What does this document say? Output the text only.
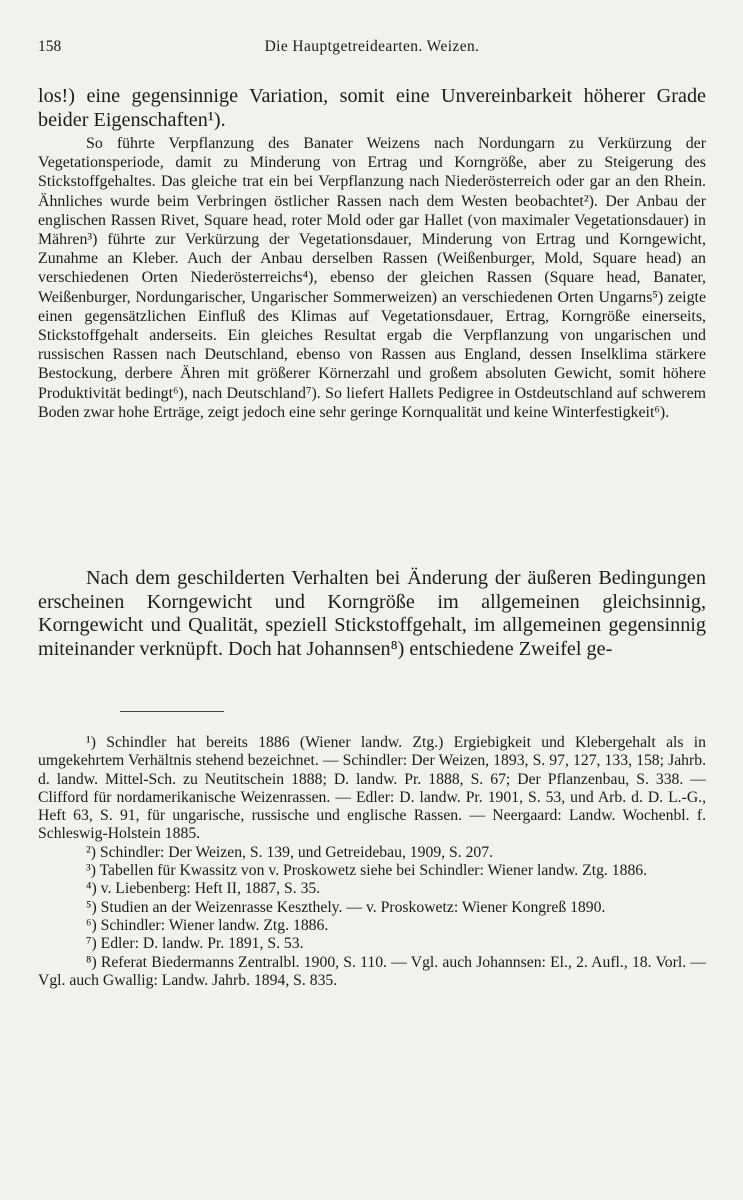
158	Die Hauptgetreidearten. Weizen.

los!) eine gegensinnige Variation, somit eine Unvereinbarkeit höherer Grade beider Eigenschaften¹).

So führte Verpflanzung des Banater Weizens nach Nordungarn zu Verkürzung der Vegetationsperiode, damit zu Minderung von Ertrag und Korngröße, aber zu Steigerung des Stickstoffgehaltes. Das gleiche trat ein bei Verpflanzung nach Niederösterreich oder gar an den Rhein. Ähnliches wurde beim Verbringen östlicher Rassen nach dem Westen beobachtet²). Der Anbau der englischen Rassen Rivet, Square head, roter Mold oder gar Hallet (von maximaler Vegetationsdauer) in Mähren³) führte zur Verkürzung der Vegetationsdauer, Minderung von Ertrag und Korngewicht, Zunahme an Kleber. Auch der Anbau derselben Rassen (Weißenburger, Mold, Square head) an verschiedenen Orten Niederösterreichs⁴), ebenso der gleichen Rassen (Square head, Banater, Weißenburger, Nordungarischer, Ungarischer Sommerweizen) an verschiedenen Orten Ungarns⁵) zeigte einen gegensätzlichen Einfluß des Klimas auf Vegetationsdauer, Ertrag, Korngröße einerseits, Stickstoffgehalt anderseits. Ein gleiches Resultat ergab die Verpflanzung von ungarischen und russischen Rassen nach Deutschland, ebenso von Rassen aus England, dessen Inselklima stärkere Bestockung, derbere Ähren mit größerer Körnerzahl und großem absoluten Gewicht, somit höhere Produktivität bedingt⁶), nach Deutschland⁷). So liefert Hallets Pedigree in Ostdeutschland auf schwerem Boden zwar hohe Erträge, zeigt jedoch eine sehr geringe Kornqualität und keine Winterfestigkeit⁶).

Nach dem geschilderten Verhalten bei Änderung der äußeren Bedingungen erscheinen Korngewicht und Korngröße im allgemeinen gleichsinnig, Korngewicht und Qualität, speziell Stickstoffgehalt, im allgemeinen gegensinnig miteinander verknüpft. Doch hat Johannsen⁸) entschiedene Zweifel ge-

¹) Schindler hat bereits 1886 (Wiener landw. Ztg.) Ergiebigkeit und Klebergehalt als in umgekehrtem Verhältnis stehend bezeichnet. — Schindler: Der Weizen, 1893, S. 97, 127, 133, 158; Jahrb. d. landw. Mittel-Sch. zu Neutitschein 1888; D. landw. Pr. 1888, S. 67; Der Pflanzenbau, S. 338. — Clifford für nordamerikanische Weizenrassen. — Edler: D. landw. Pr. 1901, S. 53, und Arb. d. D. L.-G., Heft 63, S. 91, für ungarische, russische und englische Rassen. — Neergaard: Landw. Wochenbl. f. Schleswig-Holstein 1885.
²) Schindler: Der Weizen, S. 139, und Getreidebau, 1909, S. 207.
³) Tabellen für Kwassitz von v. Proskowetz siehe bei Schindler: Wiener landw. Ztg. 1886.
⁴) v. Liebenberg: Heft II, 1887, S. 35.
⁵) Studien an der Weizenrasse Keszthely. — v. Proskowetz: Wiener Kongreß 1890.
⁶) Schindler: Wiener landw. Ztg. 1886.
⁷) Edler: D. landw. Pr. 1891, S. 53.
⁸) Referat Biedermanns Zentralbl. 1900, S. 110. — Vgl. auch Johannsen: El., 2. Aufl., 18. Vorl. — Vgl. auch Gwallig: Landw. Jahrb. 1894, S. 835.
